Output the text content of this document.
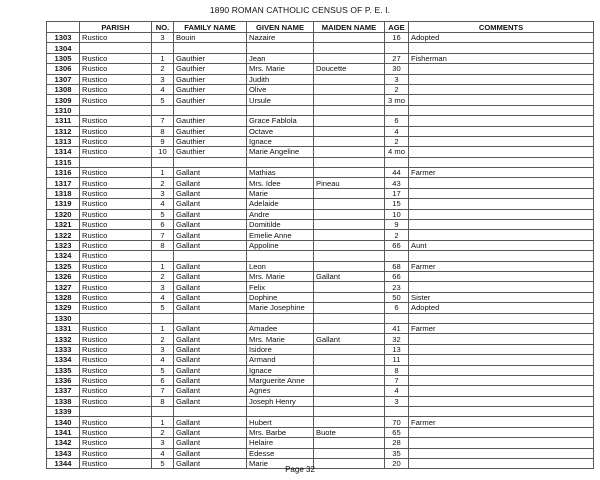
1890 ROMAN CATHOLIC CENSUS OF P. E. I.
	PARISH	NO.	FAMILY NAME	GIVEN NAME	MAIDEN NAME	AGE	COMMENTS
1303	Rustico	3	Bouin	Nazaire		16	Adopted
1304							
1305	Rustico	1	Gauthier	Jean		27	Fisherman
1306	Rustico	2	Gauthier	Mrs. Marie	Doucette	30	
1307	Rustico	3	Gauthier	Judith		3	
1308	Rustico	4	Gauthier	Olive		2	
1309	Rustico	5	Gauthier	Ursule		3 mo	
1310							
1311	Rustico	7	Gauthier	Grace Fablola		6	
1312	Rustico	8	Gauthier	Octave		4	
1313	Rustico	9	Gauthier	Ignace		2	
1314	Rustico	10	Gauthier	Marie Angeline		4 mo	
1315							
1316	Rustico	1	Gallant	Mathias		44	Farmer
1317	Rustico	2	Gallant	Mrs. Idee	Pineau	43	
1318	Rustico	3	Gallant	Marie		17	
1319	Rustico	4	Gallant	Adelaide		15	
1320	Rustico	5	Gallant	Andre		10	
1321	Rustico	6	Gallant	Domitilde		9	
1322	Rustico	7	Gallant	Emelie Anne		2	
1323	Rustico	8	Gallant	Appoline		66	Aunt
1324	Rustico						
1325	Rustico	1	Gallant	Leon		68	Farmer
1326	Rustico	2	Gallant	Mrs. Marie	Gallant	66	
1327	Rustico	3	Gallant	Felix		23	
1328	Rustico	4	Gallant	Dophine		50	Sister
1329	Rustico	5	Gallant	Marie Josephine		6	Adopted
1330							
1331	Rustico	1	Gallant	Amadee		41	Farmer
1332	Rustico	2	Gallant	Mrs. Marie	Gallant	32	
1333	Rustico	3	Gallant	Isidore		13	
1334	Rustico	4	Gallant	Armand		11	
1335	Rustico	5	Gallant	Ignace		8	
1336	Rustico	6	Gallant	Marguerite Anne		7	
1337	Rustico	7	Gallant	Agnes		4	
1338	Rustico	8	Gallant	Joseph Henry		3	
1339							
1340	Rustico	1	Gallant	Hubert		70	Farmer
1341	Rustico	2	Gallant	Mrs. Barbe	Buote	65	
1342	Rustico	3	Gallant	Helaire		28	
1343	Rustico	4	Gallant	Edesse		35	
1344	Rustico	5	Gallant	Marie		20	
Page 32
